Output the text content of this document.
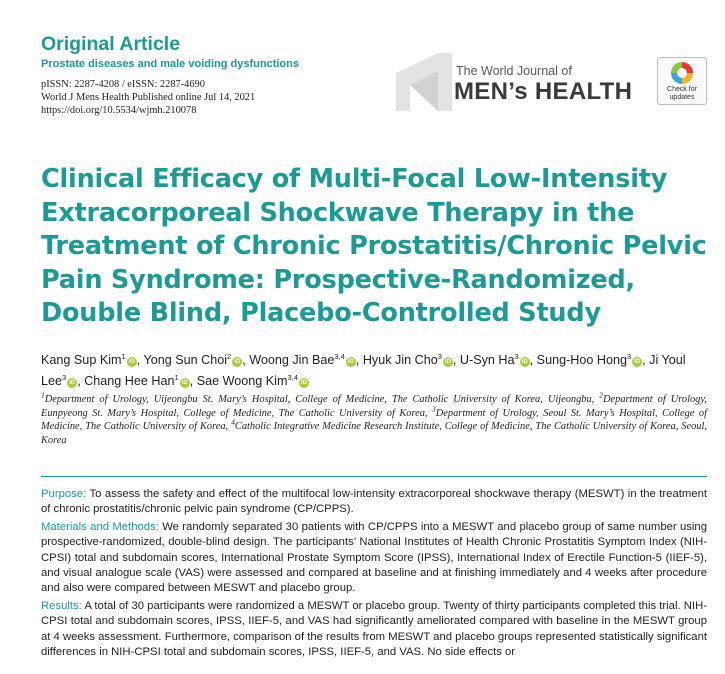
Original Article
Prostate diseases and male voiding dysfunctions
pISSN: 2287-4208 / eISSN: 2287-4690
World J Mens Health Published online Jul 14, 2021
https://doi.org/10.5534/wjmh.210078
The World Journal of
MEN’s HEALTH	Check for
updates
Clinical Efficacy of Multi-Focal Low-Intensity Extracorporeal Shockwave Therapy in the Treatment of Chronic Prostatitis/Chronic Pelvic Pain Syndrome: Prospective-Randomized, Double Blind, Placebo-Controlled Study
Kang Sup Kim$^1$iD , Yong Sun Choi$^2$iD , Woong Jin Bae$^{3,4}$iD , Hyuk Jin Cho$^3$iD , U-Syn Ha$^3$iD , Sung-Hoo Hong$^3$iD , Ji Youl Lee$^3$iD , Chang Hee Han$^1$iD , Sae Woong Kim$^{3,4}$iD
$^1$Department of Urology, Uijeongbu St. Mary’s Hospital, College of Medicine, The Catholic University of Korea, Uijeongbu, $^2$Department of Urology, Eunpyeong St. Mary’s Hospital, College of Medicine, The Catholic University of Korea, $^3$Department of Urology, Seoul St. Mary’s Hospital, College of Medicine, The Catholic University of Korea, $^4$Catholic Integrative Medicine Research Institute, College of Medicine, The Catholic University of Korea, Seoul, Korea

Purpose: To assess the safety and effect of the multifocal low-intensity extracorporeal shockwave therapy (MESWT) in the treatment of chronic prostatitis/chronic pelvic pain syndrome (CP/CPPS).

Materials and Methods: We randomly separated 30 patients with CP/CPPS into a MESWT and placebo group of same number using prospective-randomized, double-blind design. The participants’ National Institutes of Health Chronic Prostatitis Symptom Index (NIH-CPSI) total and subdomain scores, International Prostate Symptom Score (IPSS), International Index of Erectile Function-5 (IIEF-5), and visual analogue scale (VAS) were assessed and compared at baseline and at finishing immediately and 4 weeks after procedure and also were compared between MESWT and placebo group.

Results: A total of 30 participants were randomized a MESWT or placebo group. Twenty of thirty participants completed this trial. NIH-CPSI total and subdomain scores, IPSS, IIEF-5, and VAS had significantly ameliorated compared with baseline in the MESWT group at 4 weeks assessment. Furthermore, comparison of the results from MESWT and placebo groups represented statistically significant differences in NIH-CPSI total and subdomain scores, IPSS, IIEF-5, and VAS. No side effects or
